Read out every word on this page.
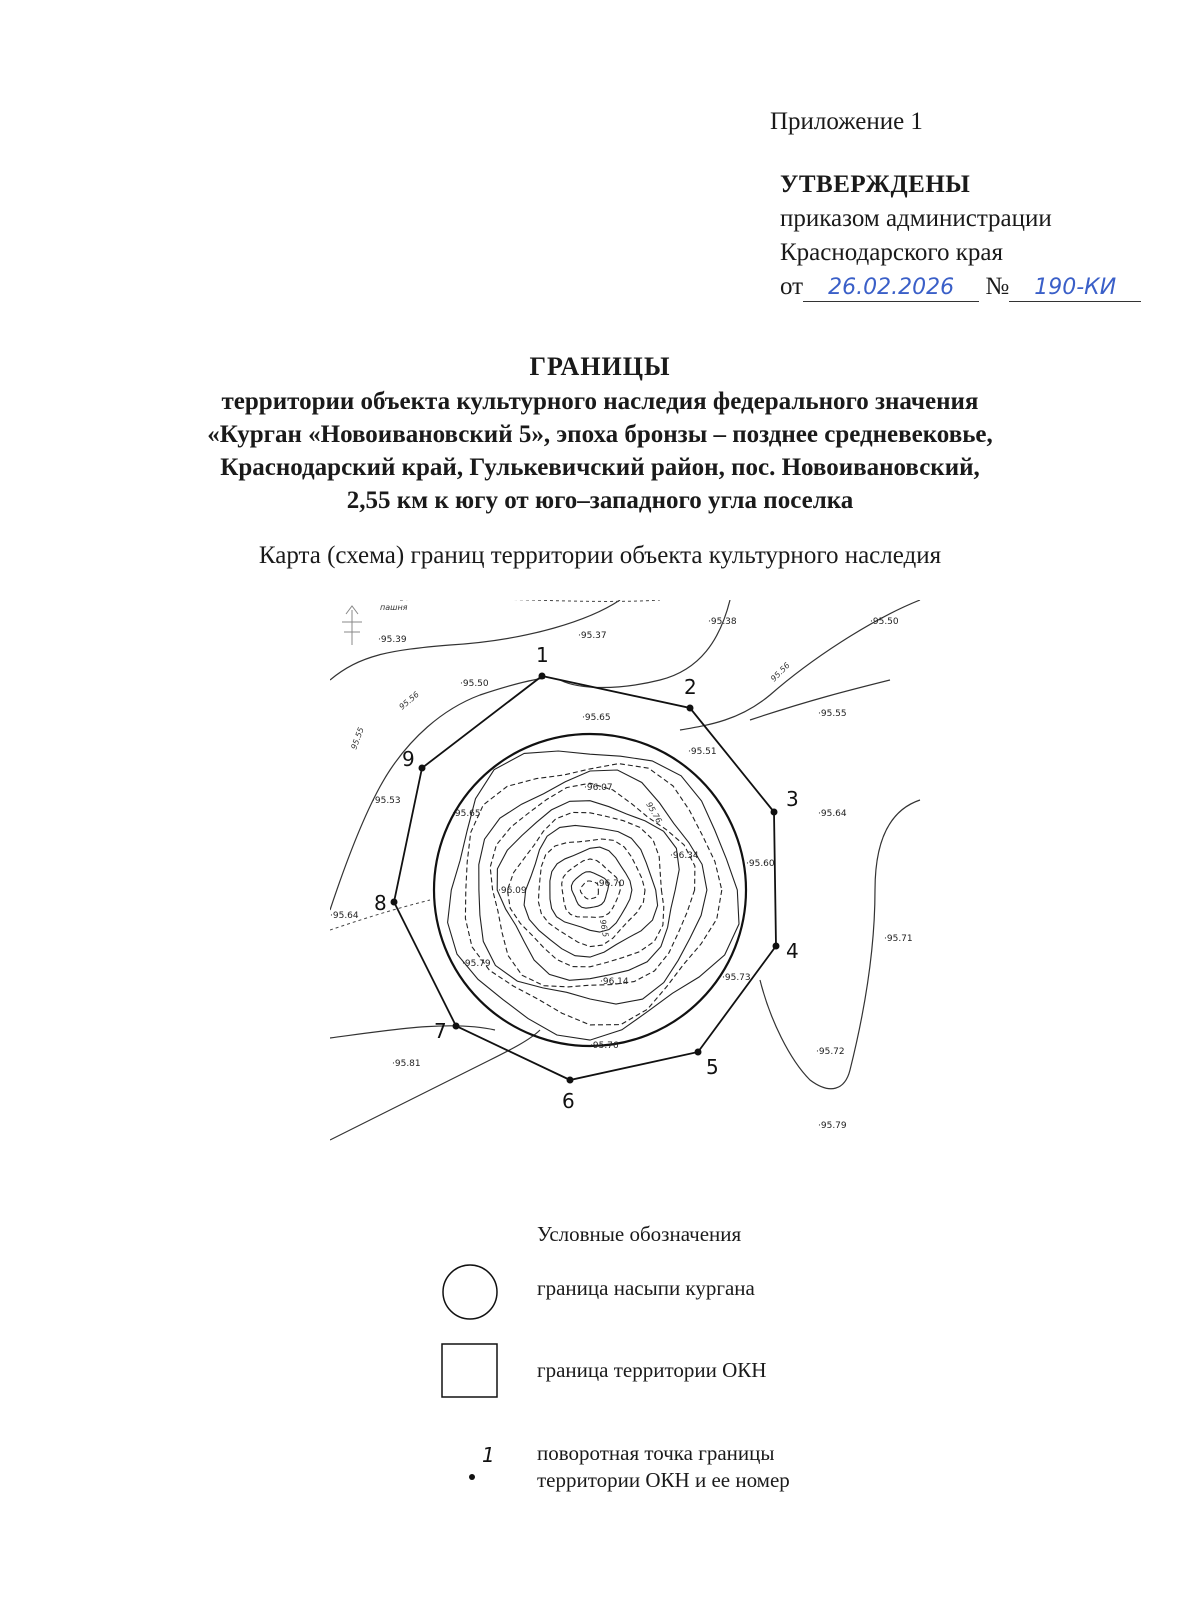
Приложение 1
УТВЕРЖДЕНЫ
приказом администрации
Краснодарского края
от 26.02.2026 № 190-КИ
ГРАНИЦЫ
территории объекта культурного наследия федерального значения
«Курган «Новоивановский 5», эпоха бронзы – позднее средневековье,
Краснодарский край, Гулькевичский район, пос. Новоивановский,
2,55 км к югу от юго–западного угла поселка
Карта (схема) границ территории объекта культурного наследия
1
2
3
4
5
6
7
8
9
·95.39	·95.37
·95.38	·95.50
·95.50
·95.55
·95.65
·95.51
·95.53
·96.07
·95.65	·95.64
·96.34
·95.60
·96.70
·96.09
·95.64
·95.71
·95.79
·96.14	·95.73
·95.76
·95.72
·95.81
·95.79
95.56
95.55
95.56
95.76
96.5
пашня
Условные обозначения
граница насыпи кургана
граница территории ОКН
1 поворотная точка границы
территории ОКН и ее номер
